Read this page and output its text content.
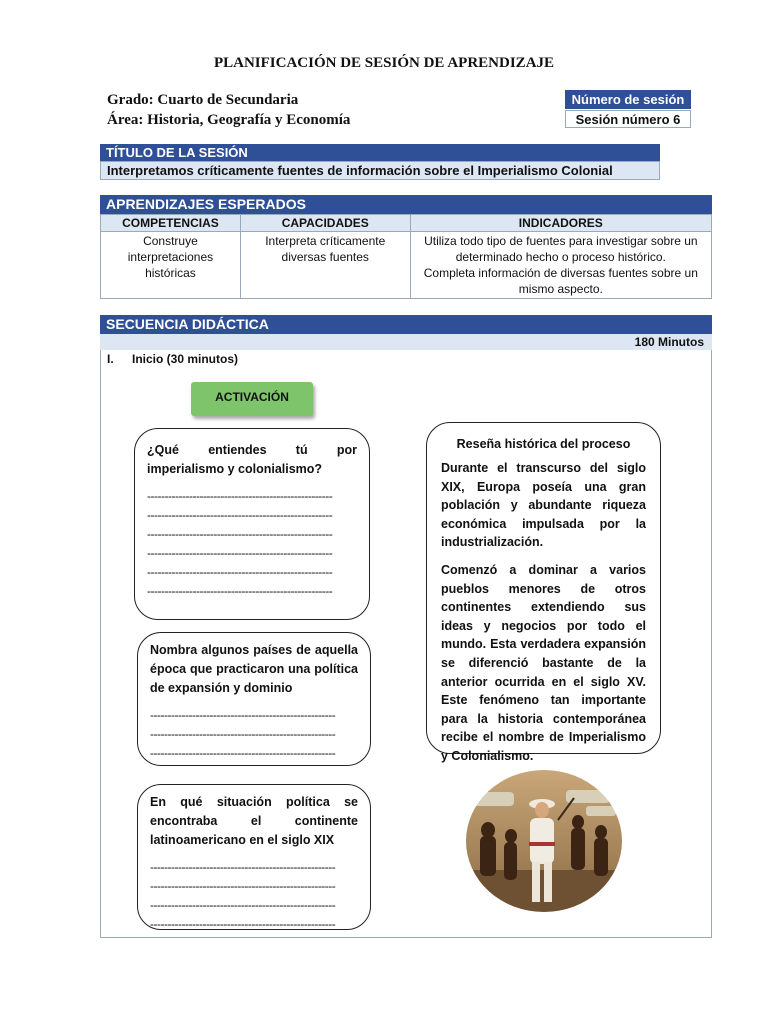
PLANIFICACIÓN DE SESIÓN DE APRENDIZAJE
Grado: Cuarto de Secundaria
Área: Historia, Geografía y Economía
Número de sesión
Sesión número 6
TÍTULO DE LA SESIÓN
Interpretamos críticamente fuentes de información sobre el Imperialismo Colonial
APRENDIZAJES ESPERADOS
COMPETENCIAS	CAPACIDADES	INDICADORES
Construye interpretaciones históricas	Interpreta críticamente diversas fuentes	Utiliza todo tipo de fuentes para investigar sobre un determinado hecho o proceso histórico.
Completa información de diversas fuentes sobre un mismo aspecto.
SECUENCIA DIDÁCTICA
180 Minutos
I. Inicio (30 minutos)
ACTIVACIÓN
¿Qué entiendes tú por imperialismo y colonialismo?
-----------------------------------------------------
-----------------------------------------------------
-----------------------------------------------------
-----------------------------------------------------
-----------------------------------------------------
-----------------------------------------------------
Nombra algunos países de aquella época que practicaron una política de expansión y dominio
-----------------------------------------------------
-----------------------------------------------------
-----------------------------------------------------
En qué situación política se encontraba el continente latinoamericano en el siglo XIX
-----------------------------------------------------
-----------------------------------------------------
-----------------------------------------------------
-----------------------------------------------------
Reseña histórica del proceso

Durante el transcurso del siglo XIX, Europa poseía una gran población y abundante riqueza económica impulsada por la industrialización.

Comenzó a dominar a varios pueblos menores de otros continentes extendiendo sus ideas y negocios por todo el mundo. Esta verdadera expansión se diferenció bastante de la anterior ocurrida en el siglo XV. Este fenómeno tan importante para la historia contemporánea recibe el nombre de Imperialismo y Colonialismo.
